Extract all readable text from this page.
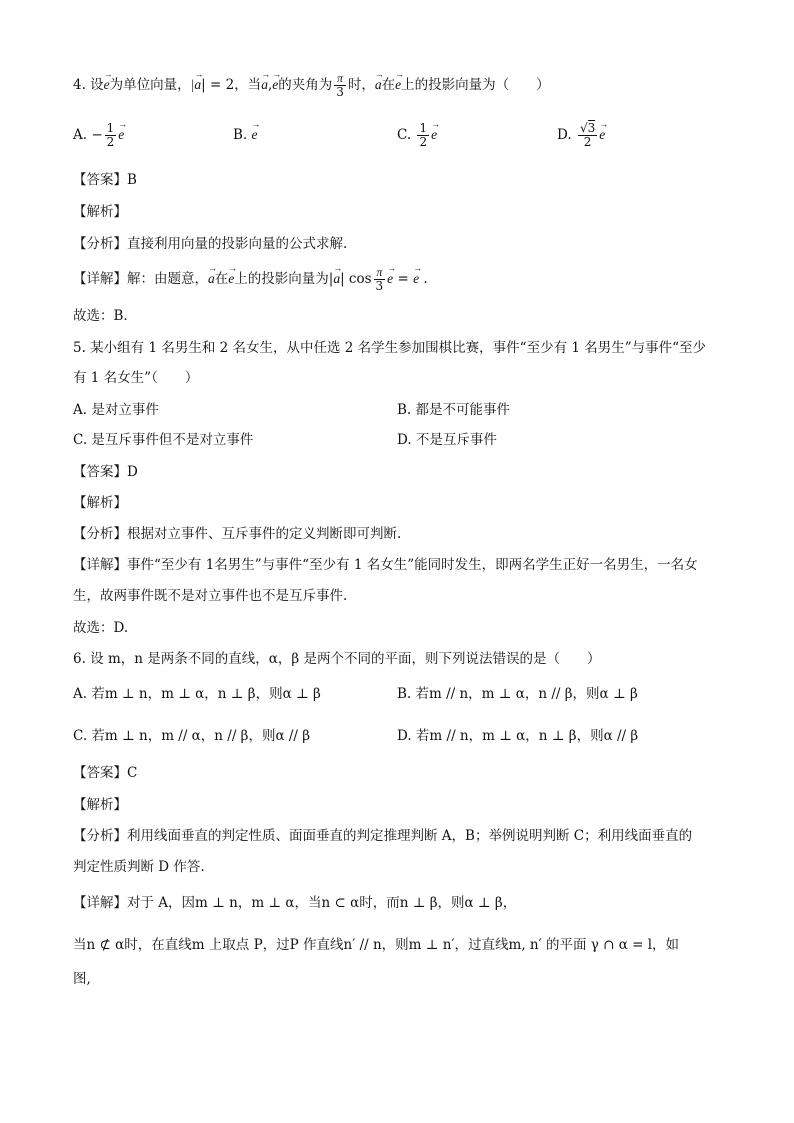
4. 设→ e为单位向量，|→ a| = 2，当→ a,→ e的夹角为 $\frac{\pi}{3}$ 时，→ a在→ e上的投影向量为（　　）
A. − $\frac{1}{2}$
→ e	B. → e	C. $\frac{1}{2}$
→ e	D. $\frac{√3}{2}$
→ e
【答案】B
【解析】
【分析】直接利用向量的投影向量的公式求解.
【详解】解：由题意，→ a在→ e上的投影向量为|→ a| $\cos \frac{\pi}{3}$
→ e = → e .
故选：B.
5. 某小组有 1 名男生和 2 名女生，从中任选 2 名学生参加围棋比赛，事件“至少有 1 名男生”与事件“至少
有 1 名女生”（　　）
A. 是对立事件	B. 都是不可能事件
C. 是互斥事件但不是对立事件	D. 不是互斥事件
【答案】D
【解析】
【分析】根据对立事件、互斥事件的定义判断即可判断.
【详解】事件“至少有 1名男生”与事件“至少有 1 名女生”能同时发生，即两名学生正好一名男生，一名女
生，故两事件既不是对立事件也不是互斥事件.
故选：D.
6. 设 m，n 是两条不同的直线，α，β 是两个不同的平面，则下列说法错误的是（　　）
A. 若m ⊥ n，m ⊥ α，n ⊥ β，则α ⊥ β	B. 若m // n，m ⊥ α，n // β，则α ⊥ β
C. 若m ⊥ n，m // α，n // β，则α // β	D. 若m // n，m ⊥ α，n ⊥ β，则α // β
【答案】C
【解析】
【分析】利用线面垂直的判定性质、面面垂直的判定推理判断 A，B；举例说明判断 C；利用线面垂直的
判定性质判断 D 作答.
【详解】对于 A，因m ⊥ n，m ⊥ α，当n ⊂ α时，而n ⊥ β，则α ⊥ β，
当n ⊄ α时，在直线m 上取点 P，过P 作直线n′ // n，则m ⊥ n′，过直线m, n′ 的平面 γ ∩ α = l，如
图,
